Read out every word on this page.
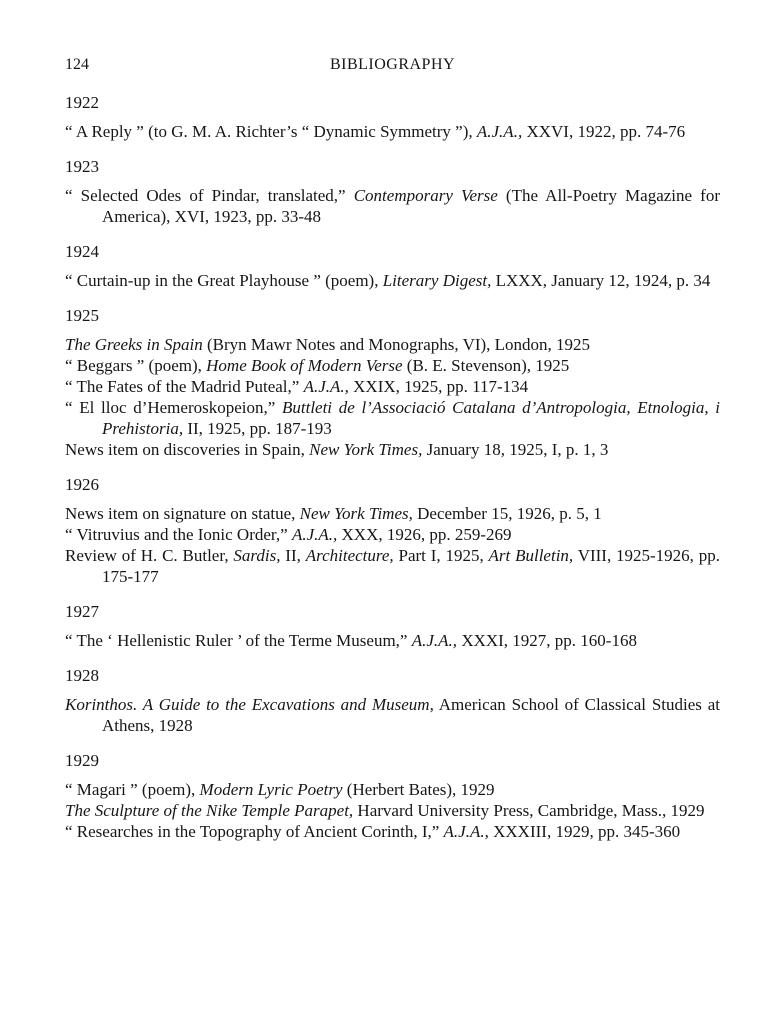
124	BIBLIOGRAPHY
1922

“ A Reply ” (to G. M. A. Richter’s “ Dynamic Symmetry ”), A.J.A., XXVI, 1922, pp. 74-76

1923

“ Selected Odes of Pindar, translated,” Contemporary Verse (The All-Poetry Magazine for America), XVI, 1923, pp. 33-48

1924

“ Curtain-up in the Great Playhouse ” (poem), Literary Digest, LXXX, January 12, 1924, p. 34

1925

The Greeks in Spain (Bryn Mawr Notes and Monographs, VI), London, 1925

“ Beggars ” (poem), Home Book of Modern Verse (B. E. Stevenson), 1925

“ The Fates of the Madrid Puteal,” A.J.A., XXIX, 1925, pp. 117-134

“ El lloc d’Hemeroskopeion,” Buttleti de l’Associació Catalana d’Antropologia, Etnologia, i Prehistoria, II, 1925, pp. 187-193

News item on discoveries in Spain, New York Times, January 18, 1925, I, p. 1, 3

1926

News item on signature on statue, New York Times, December 15, 1926, p. 5, 1

“ Vitruvius and the Ionic Order,” A.J.A., XXX, 1926, pp. 259-269

Review of H. C. Butler, Sardis, II, Architecture, Part I, 1925, Art Bulletin, VIII, 1925-1926, pp. 175-177

1927

“ The ‘ Hellenistic Ruler ’ of the Terme Museum,” A.J.A., XXXI, 1927, pp. 160-168

1928

Korinthos. A Guide to the Excavations and Museum, American School of Classical Studies at Athens, 1928

1929

“ Magari ” (poem), Modern Lyric Poetry (Herbert Bates), 1929

The Sculpture of the Nike Temple Parapet, Harvard University Press, Cambridge, Mass., 1929

“ Researches in the Topography of Ancient Corinth, I,” A.J.A., XXXIII, 1929, pp. 345-360
